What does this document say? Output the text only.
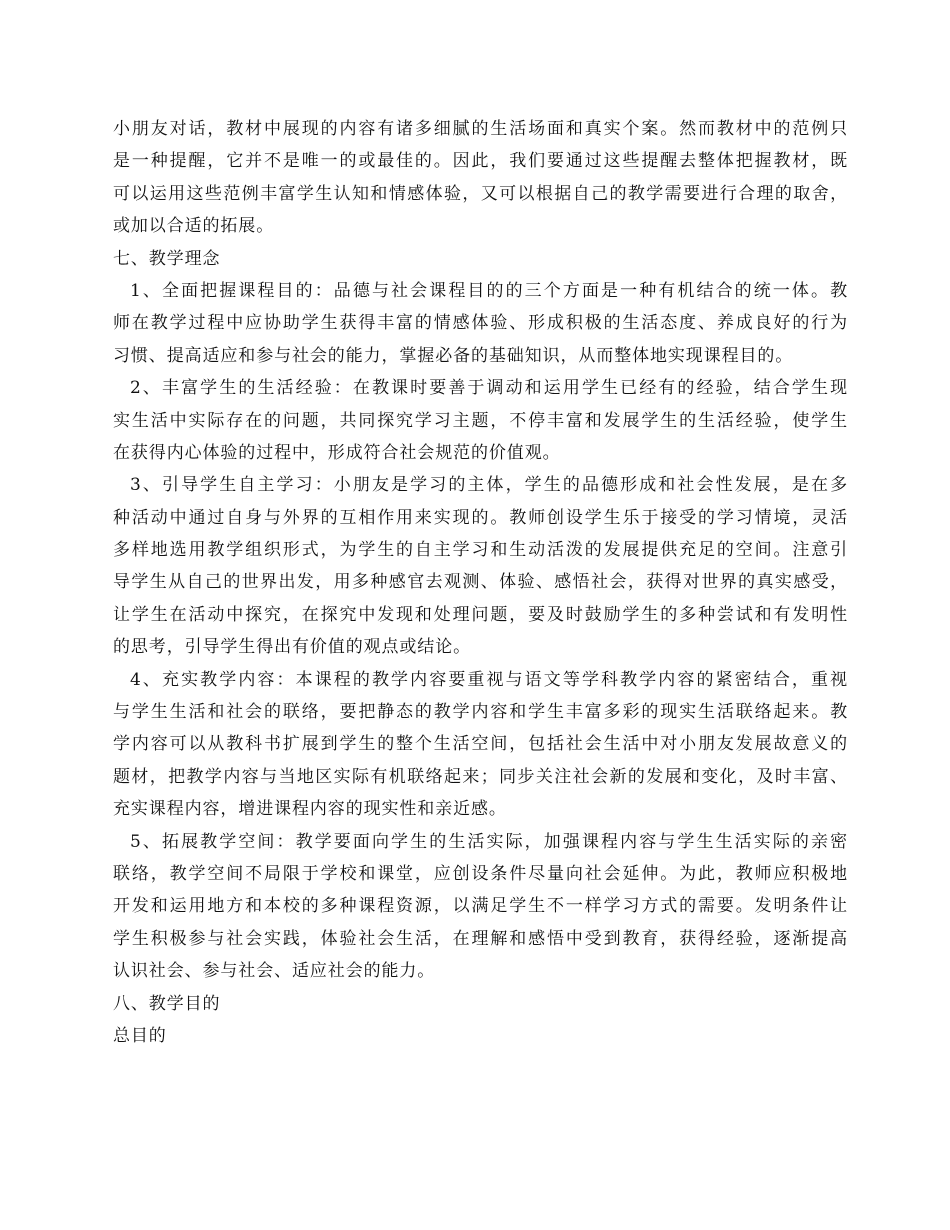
小朋友对话，教材中展现的内容有诸多细腻的生活场面和真实个案。然而教材中的范例只
是一种提醒，它并不是唯一的或最佳的。因此，我们要通过这些提醒去整体把握教材，既
可以运用这些范例丰富学生认知和情感体验，又可以根据自己的教学需要进行合理的取舍，
或加以合适的拓展。
七、教学理念
1、全面把握课程目的：品德与社会课程目的的三个方面是一种有机结合的统一体。教
师在教学过程中应协助学生获得丰富的情感体验、形成积极的生活态度、养成良好的行为
习惯、提高适应和参与社会的能力，掌握必备的基础知识，从而整体地实现课程目的。
2、丰富学生的生活经验：在教课时要善于调动和运用学生已经有的经验，结合学生现
实生活中实际存在的问题，共同探究学习主题，不停丰富和发展学生的生活经验，使学生
在获得内心体验的过程中，形成符合社会规范的价值观。
3、引导学生自主学习：小朋友是学习的主体，学生的品德形成和社会性发展，是在多
种活动中通过自身与外界的互相作用来实现的。教师创设学生乐于接受的学习情境，灵活
多样地选用教学组织形式，为学生的自主学习和生动活泼的发展提供充足的空间。注意引
导学生从自己的世界出发，用多种感官去观测、体验、感悟社会，获得对世界的真实感受，
让学生在活动中探究，在探究中发现和处理问题，要及时鼓励学生的多种尝试和有发明性
的思考，引导学生得出有价值的观点或结论。
4、充实教学内容：本课程的教学内容要重视与语文等学科教学内容的紧密结合，重视
与学生生活和社会的联络，要把静态的教学内容和学生丰富多彩的现实生活联络起来。教
学内容可以从教科书扩展到学生的整个生活空间，包括社会生活中对小朋友发展故意义的
题材，把教学内容与当地区实际有机联络起来；同步关注社会新的发展和变化，及时丰富、
充实课程内容，增进课程内容的现实性和亲近感。
5、拓展教学空间：教学要面向学生的生活实际，加强课程内容与学生生活实际的亲密
联络，教学空间不局限于学校和课堂，应创设条件尽量向社会延伸。为此，教师应积极地
开发和运用地方和本校的多种课程资源，以满足学生不一样学习方式的需要。发明条件让
学生积极参与社会实践，体验社会生活，在理解和感悟中受到教育，获得经验，逐渐提高
认识社会、参与社会、适应社会的能力。
八、教学目的
总目的
